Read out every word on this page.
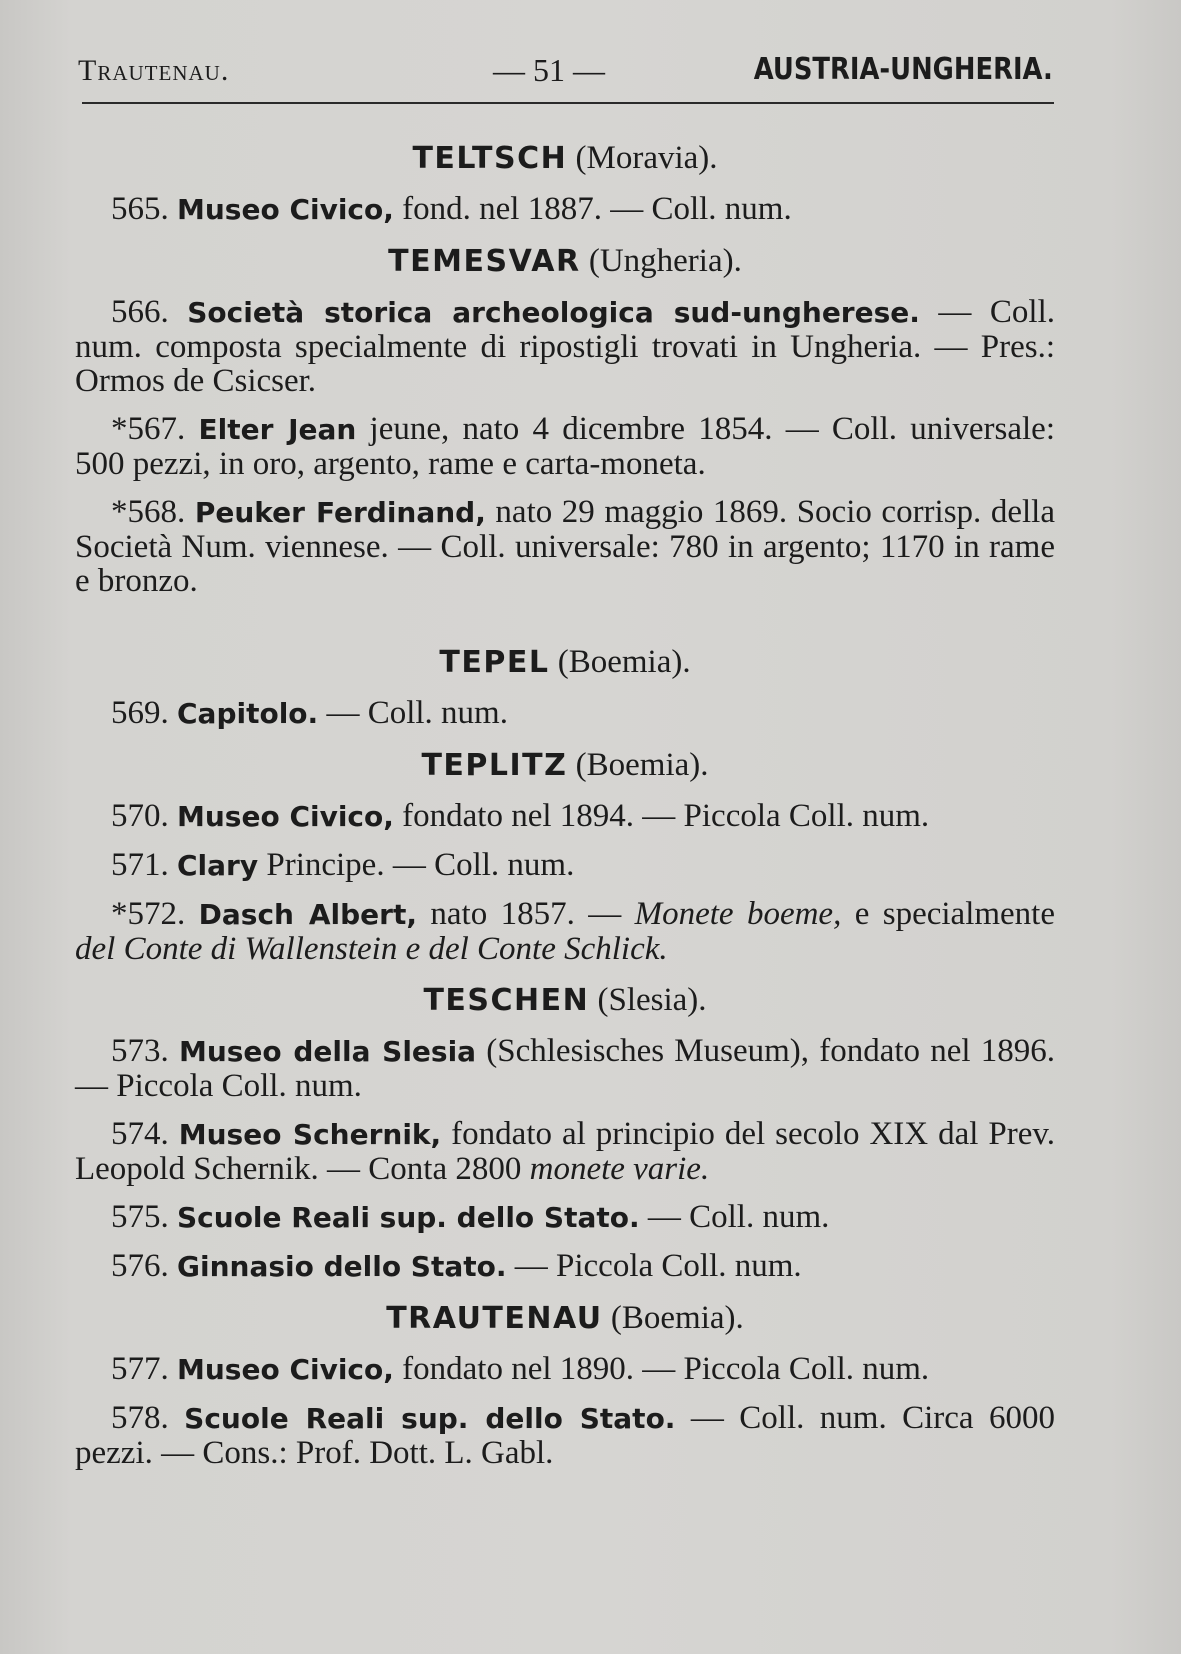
Trautenau.	— 51 —	AUSTRIA-UNGHERIA.
TELTSCH (Moravia).
565. Museo Civico, fond. nel 1887. — Coll. num.
TEMESVAR (Ungheria).
566. Società storica archeologica sud-ungherese. — Coll. num. composta specialmente di ripostigli trovati in Ungheria. — Pres.: Ormos de Csicser.
*567. Elter Jean jeune, nato 4 dicembre 1854. — Coll. universale: 500 pezzi, in oro, argento, rame e carta-moneta.
*568. Peuker Ferdinand, nato 29 maggio 1869. Socio corrisp. della Società Num. viennese. — Coll. universale: 780 in argento; 1170 in rame e bronzo.
TEPEL (Boemia).
569. Capitolo. — Coll. num.
TEPLITZ (Boemia).
570. Museo Civico, fondato nel 1894. — Piccola Coll. num.
571. Clary Principe. — Coll. num.
*572. Dasch Albert, nato 1857. — Monete boeme, e specialmente del Conte di Wallenstein e del Conte Schlick.
TESCHEN (Slesia).
573. Museo della Slesia (Schlesisches Museum), fondato nel 1896. — Piccola Coll. num.
574. Museo Schernik, fondato al principio del secolo XIX dal Prev. Leopold Schernik. — Conta 2800 monete varie.
575. Scuole Reali sup. dello Stato. — Coll. num.
576. Ginnasio dello Stato. — Piccola Coll. num.
TRAUTENAU (Boemia).
577. Museo Civico, fondato nel 1890. — Piccola Coll. num.
578. Scuole Reali sup. dello Stato. — Coll. num. Circa 6000 pezzi. — Cons.: Prof. Dott. L. Gabl.
